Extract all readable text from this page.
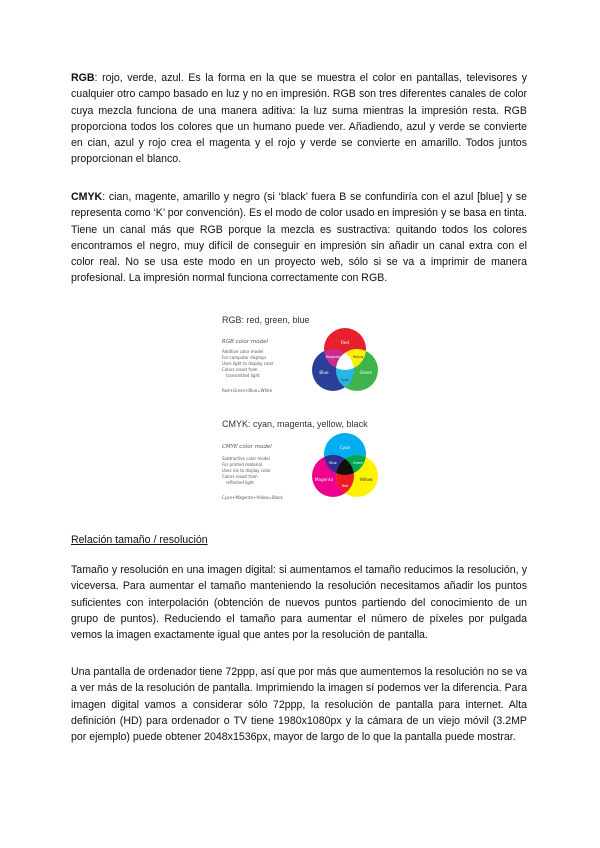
RGB: rojo, verde, azul. Es la forma en la que se muestra el color en pantallas, televisores y cualquier otro campo basado en luz y no en impresión. RGB son tres diferentes canales de color cuya mezcla funciona de una manera aditiva: la luz suma mientras la impresión resta. RGB proporciona todos los colores que un humano puede ver. Añadiendo, azul y verde se convierte en cian, azul y rojo crea el magenta y el rojo y verde se convierte en amarillo. Todos juntos proporcionan el blanco.

CMYK: cian, magente, amarillo y negro (si ‘black’ fuera B se confundiría con el azul [blue] y se representa como ‘K’ por convención). Es el modo de color usado en impresión y se basa en tinta. Tiene un canal más que RGB porque la mezcla es sustractiva: quitando todos los colores encontramos el negro, muy difícil de conseguir en impresión sin añadir un canal extra con el color real. No se usa este modo en un proyecto web, sólo si se va a imprimir de manera profesional. La impresión normal funciona correctamente con RGB.

RGB: red, green, blue
RGB color model
Additive color model
For computer displays
Uses light to display color
Colors result from
transmitted light
Red+Green+Blue=White
Red
Blue	Green
Magenta	Yellow
Cyan
CMYK: cyan, magenta, yellow, black
CMYK color model
Subtractive color model
For printed material
Uses ink to display color
Colors result from
reflected light
Cyan+Magenta+Yellow=Black
Cyan
Magenta	Yellow
Blue	Green
Red

Relación tamaño / resolución

Tamaño y resolución en una imagen digital: si aumentamos el tamaño reducimos la resolución, y viceversa. Para aumentar el tamaño manteniendo la resolución necesitamos añadir los puntos suficientes con interpolación (obtención de nuevos puntos partiendo del conocimiento de un grupo de puntos). Reduciendo el tamaño para aumentar el número de píxeles por pulgada vemos la imagen exactamente igual que antes por la resolución de pantalla.

Una pantalla de ordenador tiene 72ppp, así que por más que aumentemos la resolución no se va a ver más de la resolución de pantalla. Imprimiendo la imagen sí podemos ver la diferencia. Para imagen digital vamos a considerar sólo 72ppp, la resolución de pantalla para internet. Alta definición (HD) para ordenador o TV tiene 1980x1080px y la cámara de un viejo móvil (3.2MP por ejemplo) puede obtener 2048x1536px, mayor de largo de lo que la pantalla puede mostrar.
